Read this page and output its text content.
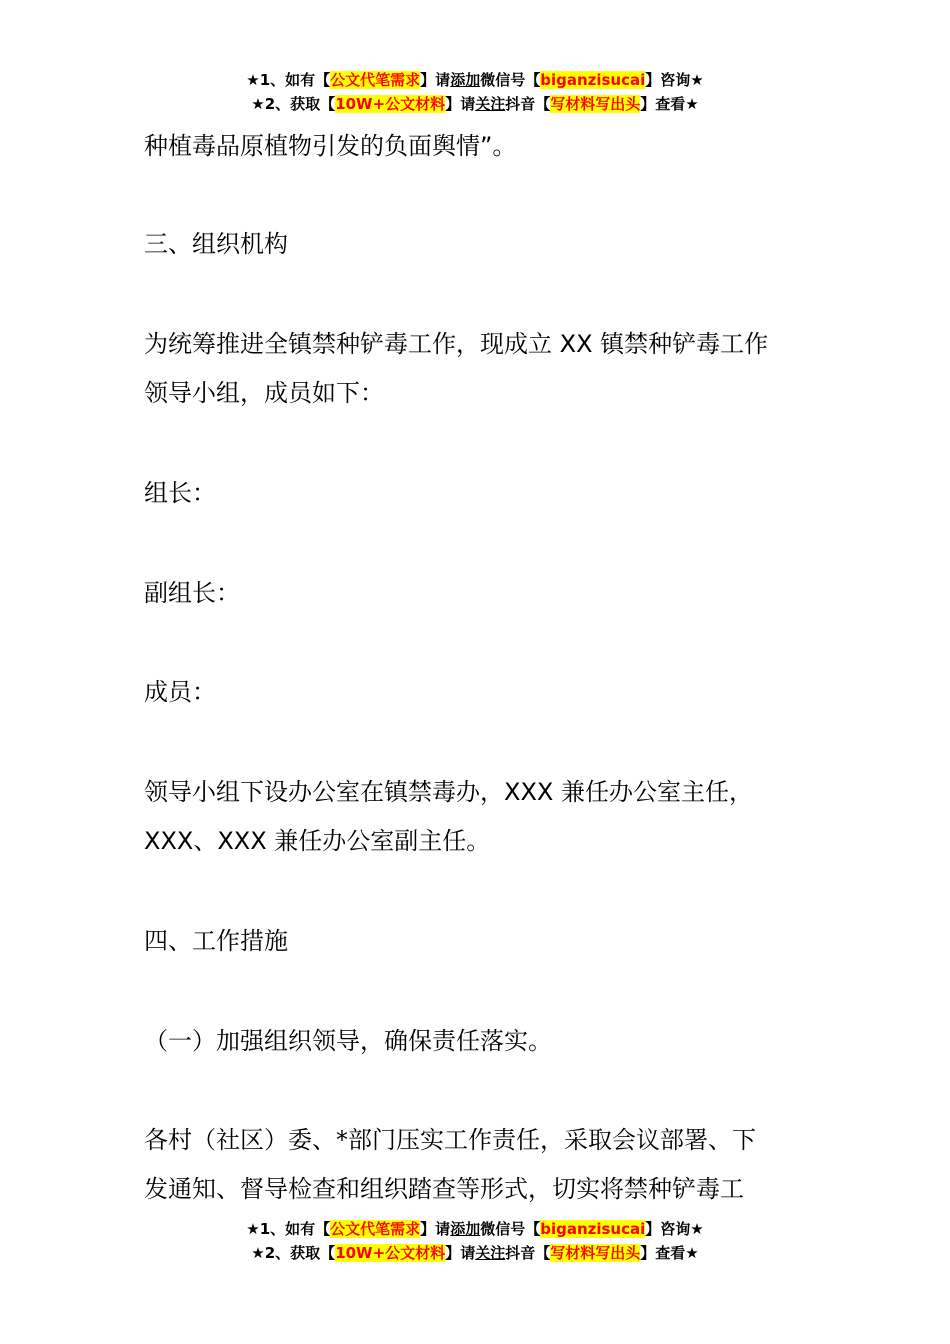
★1、如有【公文代笔需求】请添加微信号【biganzisucai】咨询★
★2、获取【10W+公文材料】请关注抖音【写材料写出头】查看★

种植毒品原植物引发的负面舆情”。

三、组织机构

为统筹推进全镇禁种铲毒工作，现成立 XX 镇禁种铲毒工作
领导小组，成员如下：

组长：

副组长：

成员：

领导小组下设办公室在镇禁毒办，XXX 兼任办公室主任，
XXX、XXX 兼任办公室副主任。

四、工作措施

（一）加强组织领导，确保责任落实。

各村（社区）委、*部门压实工作责任，采取会议部署、下
发通知、督导检查和组织踏查等形式，切实将禁种铲毒工
★1、如有【公文代笔需求】请添加微信号【biganzisucai】咨询★
★2、获取【10W+公文材料】请关注抖音【写材料写出头】查看★
